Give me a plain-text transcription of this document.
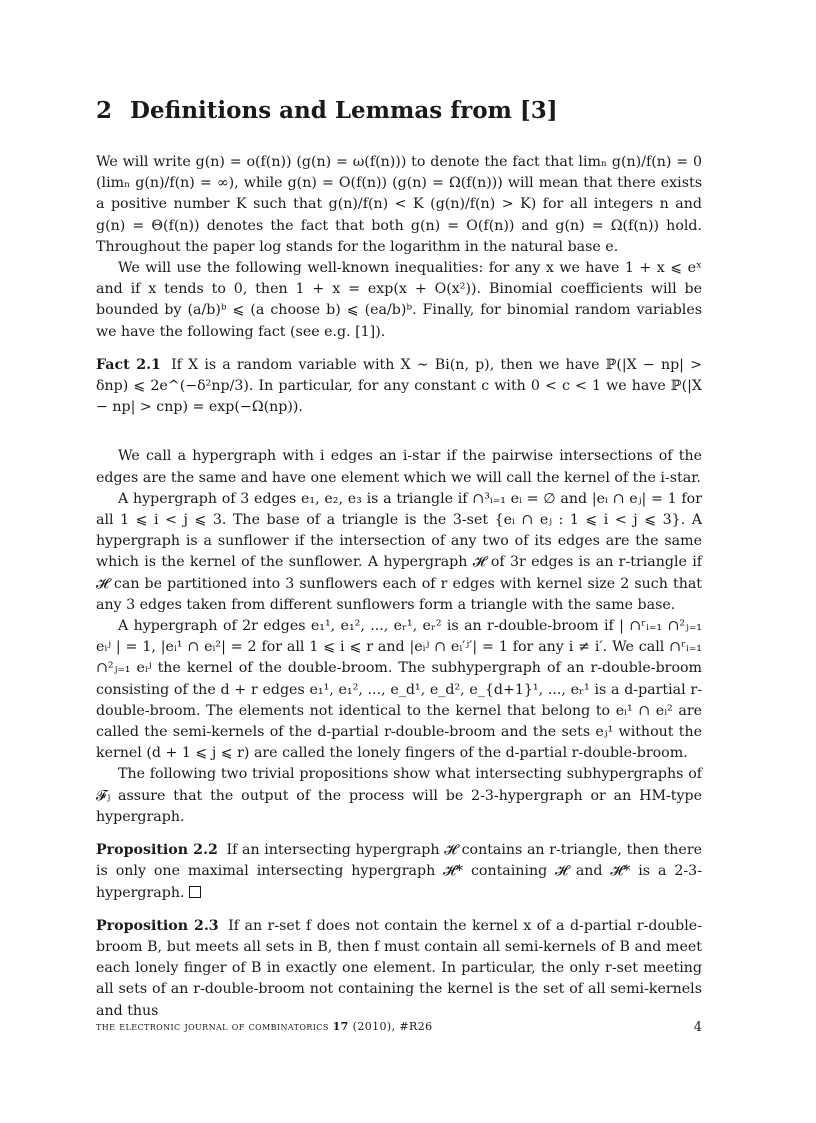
2 Definitions and Lemmas from [3]

We will write g(n) = o(f(n)) (g(n) = ω(f(n))) to denote the fact that limₙ g(n)/f(n) = 0 (limₙ g(n)/f(n) = ∞), while g(n) = O(f(n)) (g(n) = Ω(f(n))) will mean that there exists a positive number K such that g(n)/f(n) < K (g(n)/f(n) > K) for all integers n and g(n) = Θ(f(n)) denotes the fact that both g(n) = O(f(n)) and g(n) = Ω(f(n)) hold. Throughout the paper log stands for the logarithm in the natural base e.

We will use the following well-known inequalities: for any x we have 1 + x ⩽ eˣ and if x tends to 0, then 1 + x = exp(x + O(x²)). Binomial coefficients will be bounded by (a/b)ᵇ ⩽ (a choose b) ⩽ (ea/b)ᵇ. Finally, for binomial random variables we have the following fact (see e.g. [1]).

Fact 2.1 If X is a random variable with X ∼ Bi(n, p), then we have ℙ(|X − np| > δnp) ⩽ 2e^(−δ²np/3). In particular, for any constant c with 0 < c < 1 we have ℙ(|X − np| > cnp) = exp(−Ω(np)).

We call a hypergraph with i edges an i-star if the pairwise intersections of the edges are the same and have one element which we will call the kernel of the i-star.

A hypergraph of 3 edges e₁, e₂, e₃ is a triangle if ∩³ᵢ₌₁ eᵢ = ∅ and |eᵢ ∩ eⱼ| = 1 for all 1 ⩽ i < j ⩽ 3. The base of a triangle is the 3-set {eᵢ ∩ eⱼ : 1 ⩽ i < j ⩽ 3}. A hypergraph is a sunflower if the intersection of any two of its edges are the same which is the kernel of the sunflower. A hypergraph 𝓗 of 3r edges is an r-triangle if 𝓗 can be partitioned into 3 sunflowers each of r edges with kernel size 2 such that any 3 edges taken from different sunflowers form a triangle with the same base.

A hypergraph of 2r edges e₁¹, e₁², ..., eᵣ¹, eᵣ² is an r-double-broom if | ∩ʳᵢ₌₁ ∩²ⱼ₌₁ eᵢʲ | = 1, |eᵢ¹ ∩ eᵢ²| = 2 for all 1 ⩽ i ⩽ r and |eᵢʲ ∩ eᵢ′ʲ′| = 1 for any i ≠ i′. We call ∩ʳᵢ₌₁ ∩²ⱼ₌₁ eᵢʲ the kernel of the double-broom. The subhypergraph of an r-double-broom consisting of the d + r edges e₁¹, e₁², ..., e_d¹, e_d², e_{d+1}¹, ..., eᵣ¹ is a d-partial r-double-broom. The elements not identical to the kernel that belong to eᵢ¹ ∩ eᵢ² are called the semi-kernels of the d-partial r-double-broom and the sets eⱼ¹ without the kernel (d + 1 ⩽ j ⩽ r) are called the lonely fingers of the d-partial r-double-broom.

The following two trivial propositions show what intersecting subhypergraphs of 𝓕ⱼ assure that the output of the process will be 2-3-hypergraph or an HM-type hypergraph.

Proposition 2.2 If an intersecting hypergraph 𝓗 contains an r-triangle, then there is only one maximal intersecting hypergraph 𝓗* containing 𝓗 and 𝓗* is a 2-3-hypergraph.

Proposition 2.3 If an r-set f does not contain the kernel x of a d-partial r-double-broom B, but meets all sets in B, then f must contain all semi-kernels of B and meet each lonely finger of B in exactly one element. In particular, the only r-set meeting all sets of an r-double-broom not containing the kernel is the set of all semi-kernels and thus

the electronic journal of combinatorics 17 (2010), #R26	4
